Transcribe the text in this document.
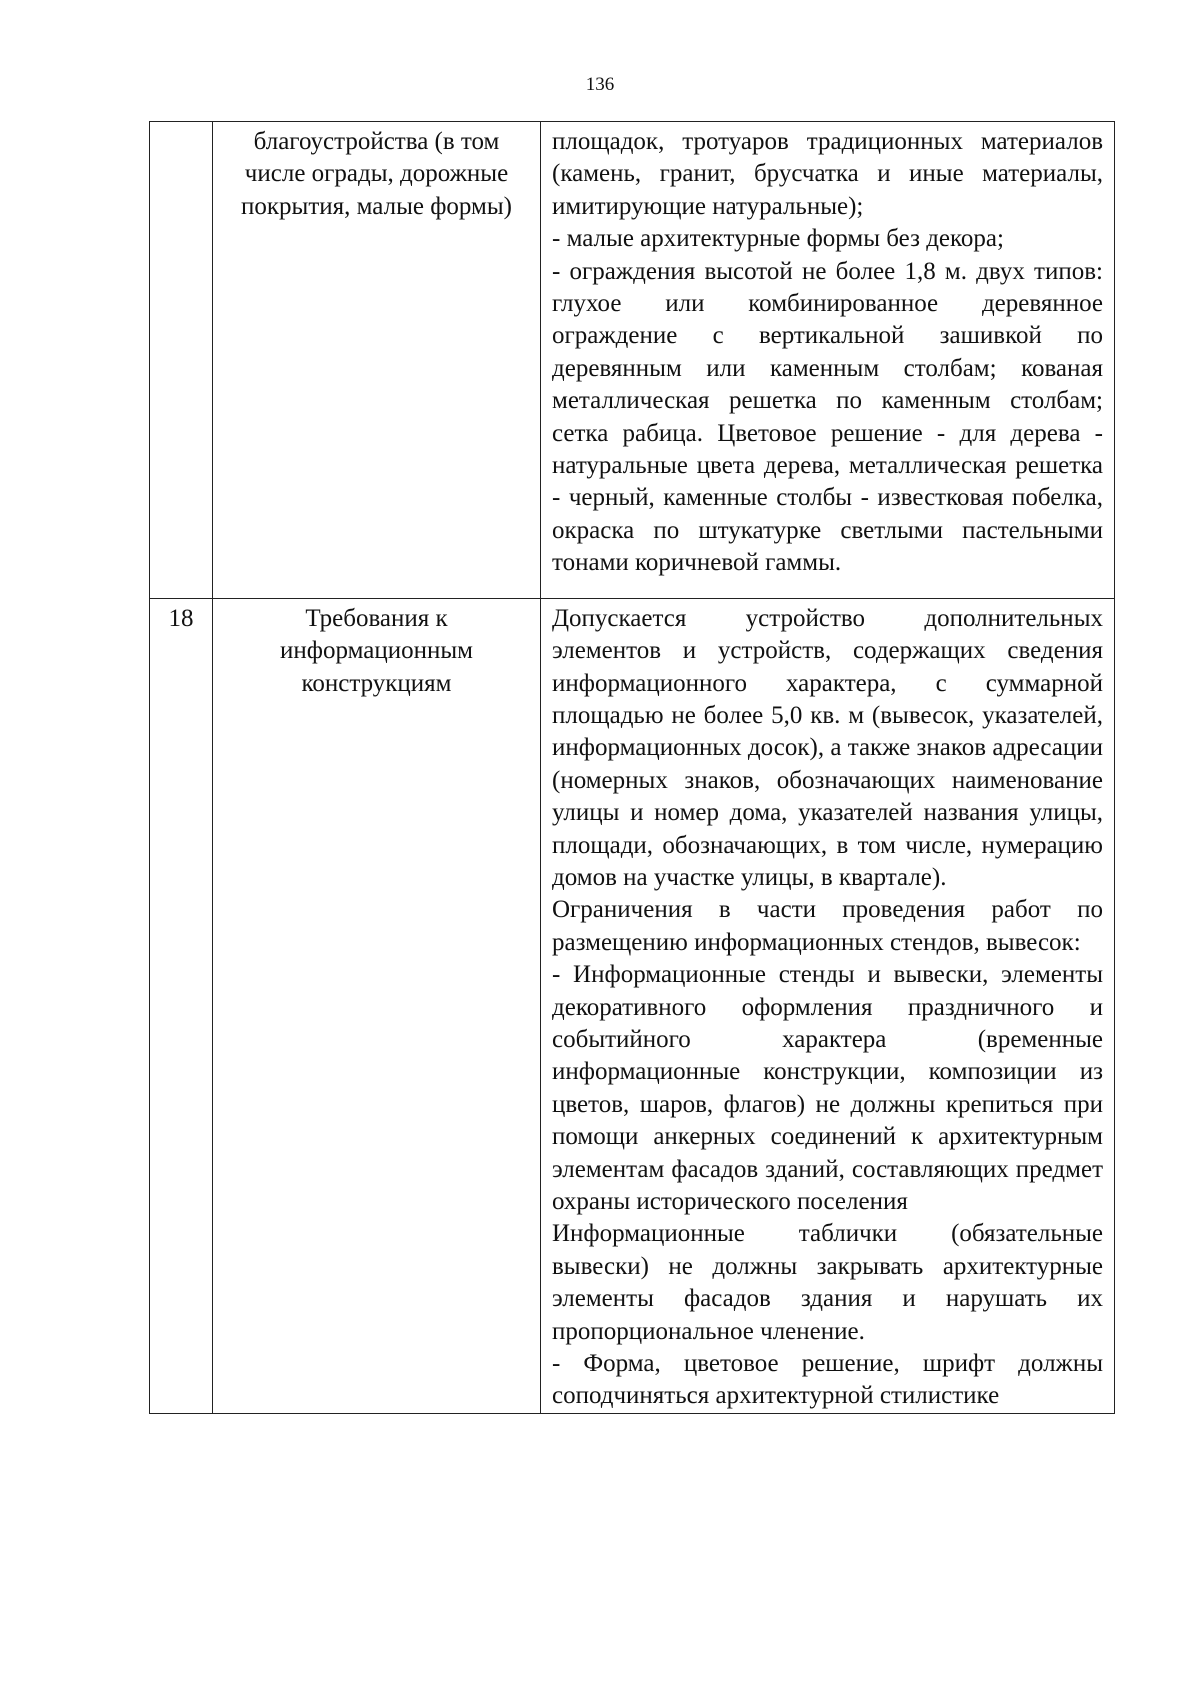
136
	благоустройства (в том числе ограды, дорожные покрытия, малые формы)	площадок, тротуаров традиционных материалов (камень, гранит, брусчатка и иные материалы, имитирующие натуральные);

- малые архитектурные формы без декора;

- ограждения высотой не более 1,8 м. двух типов: глухое или комбинированное деревянное ограждение с вертикальной зашивкой по деревянным или каменным столбам; кованая металлическая решетка по каменным столбам; сетка рабица. Цветовое решение - для дерева - натуральные цвета дерева, металлическая решетка - черный, каменные столбы - известковая побелка, окраска по штукатурке светлыми пастельными тонами коричневой гаммы.

18	Требования к информационным конструкциям	Допускается устройство дополнительных элементов и устройств, содержащих сведения информационного характера, с суммарной площадью не более 5,0 кв. м (вывесок, указателей, информационных досок), а также знаков адресации (номерных знаков, обозначающих наименование улицы и номер дома, указателей названия улицы, площади, обозначающих, в том числе, нумерацию домов на участке улицы, в квартале).

Ограничения в части проведения работ по размещению информационных стендов, вывесок:

- Информационные стенды и вывески, элементы декоративного оформления праздничного и событийного характера (временные информационные конструкции, композиции из цветов, шаров, флагов) не должны крепиться при помощи анкерных соединений к архитектурным элементам фасадов зданий, составляющих предмет охраны исторического поселения

Информационные таблички (обязательные вывески) не должны закрывать архитектурные элементы фасадов здания и нарушать их пропорциональное членение.

- Форма, цветовое решение, шрифт должны соподчиняться архитектурной стилистике
